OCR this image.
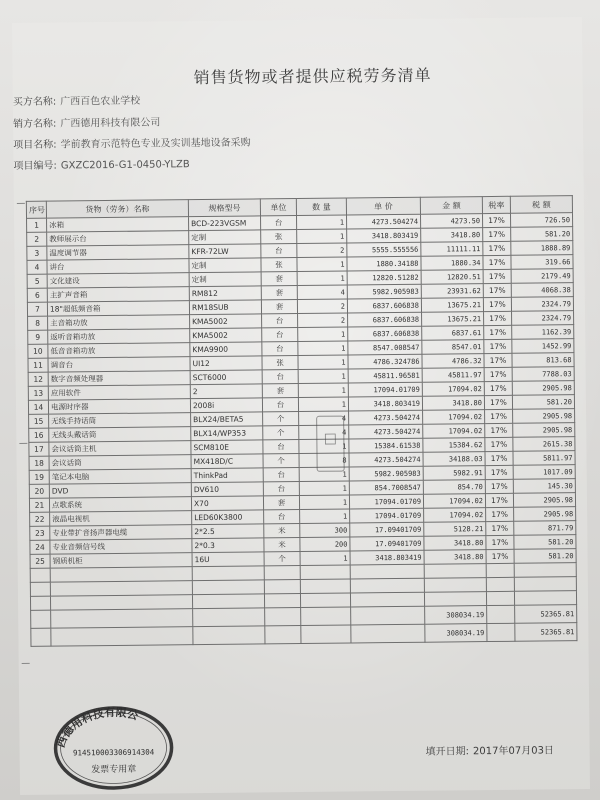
销售货物或者提供应税劳务清单
买方名称: 广西百色农业学校
销方名称: 广西德用科技有限公司
项目名称: 学前教育示范特色专业及实训基地设备采购
项目编号: GXZC2016-G1-0450-YLZB
序号	货物（劳务）名称	规格型号	单位	数 量	单 价	金 额	税率	税 额
1	冰箱	BCD-223VGSM	台	1	4273.504274	4273.50	17%	726.50
2	教师展示台	定制	张	1	3418.803419	3418.80	17%	581.20
3	温度调节器	KFR-72LW	台	2	5555.555556	11111.11	17%	1888.89
4	讲台	定制	张	1	1880.34188	1880.34	17%	319.66
5	文化建设	定制	套	1	12820.51282	12820.51	17%	2179.49
6	主扩声音箱	RM812	套	4	5982.905983	23931.62	17%	4068.38
7	18"超低频音箱	RM18SUB	套	2	6837.606838	13675.21	17%	2324.79
8	主音箱功放	KMA5002	台	2	6837.606838	13675.21	17%	2324.79
9	返听音箱功放	KMA5002	台	1	6837.606838	6837.61	17%	1162.39
10	低音音箱功放	KMA9900	台	1	8547.008547	8547.01	17%	1452.99
11	调音台	UI12	张	1	4786.324786	4786.32	17%	813.68
12	数字音频处理器	SCT6000	台	1	45811.96581	45811.97	17%	7788.03
13	应用软件	2	套	1	17094.01709	17094.02	17%	2905.98
14	电源时序器	2008i	台	1	3418.803419	3418.80	17%	581.20
15	无线手持话筒	BLX24/BETA5	个	4	4273.504274	17094.02	17%	2905.98
16	无线头戴话筒	BLX14/WP353	个	4	4273.504274	17094.02	17%	2905.98
17	会议话筒主机	SCM810E	台	1	15384.61538	15384.62	17%	2615.38
18	会议话筒	MX418D/C	个	8	4273.504274	34188.03	17%	5811.97
19	笔记本电脑	ThinkPad	台	1	5982.905983	5982.91	17%	1017.09
20	DVD	DV610	台	1	854.7008547	854.70	17%	145.30
21	点歌系统	X70	套	1	17094.01709	17094.02	17%	2905.98
22	液晶电视机	LED60K3800	台	1	17094.01709	17094.02	17%	2905.98
23	专业带扩音扬声器电缆	2*2.5	米	300	17.09401709	5128.21	17%	871.79
24	专业音频信号线	2*0.3	米	200	17.09401709	3418.80	17%	581.20
25	钢质机柜	16U	个	1	3418.803419	3418.80	17%	581.20

						308034.19		52365.81
						308034.19		52365.81
□
西德用科技有限公
914510003306914304
发票专用章
填开日期: 2017年07月03日
